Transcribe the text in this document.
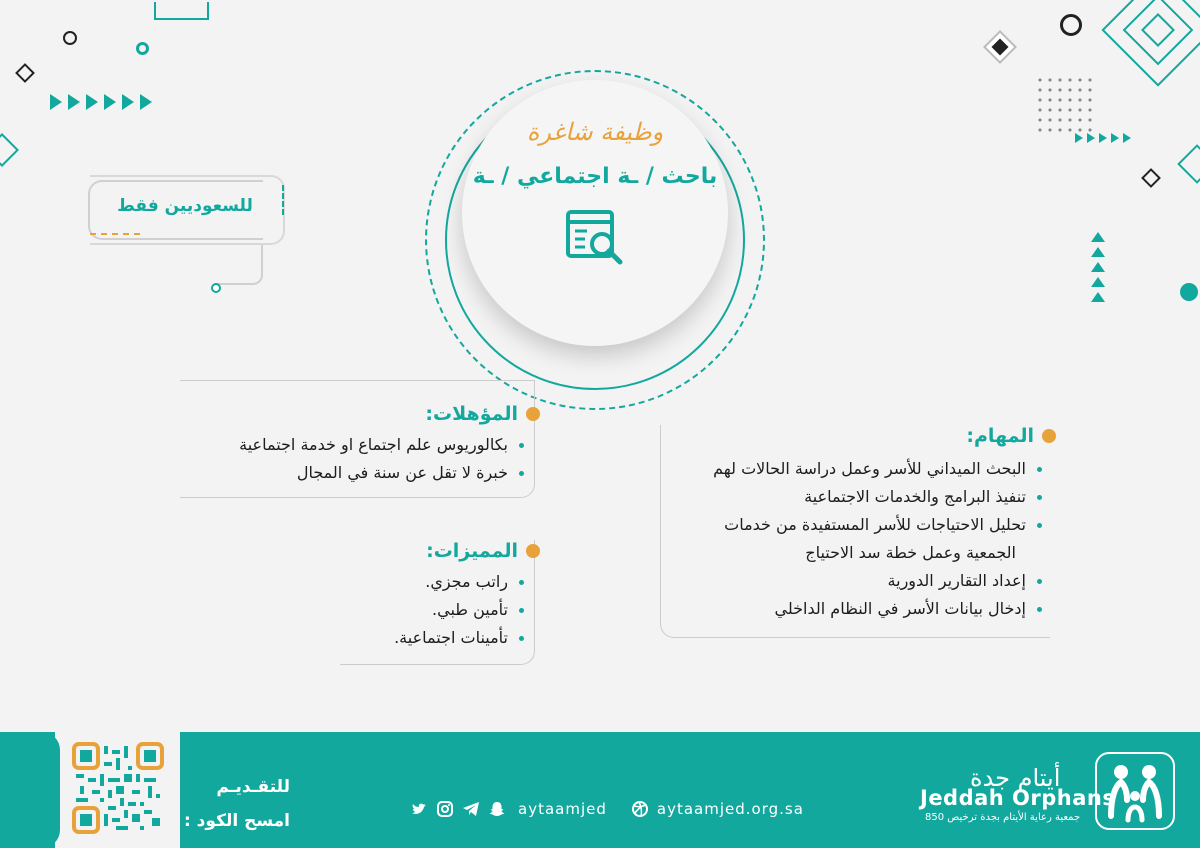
وظيفة شاغرة
باحث / ـة اجتماعي / ـة
للسعوديين فقط
المهام:
البحث الميداني للأسر وعمل دراسة الحالات لهم
تنفيذ البرامج والخدمات الاجتماعية
تحليل الاحتياجات للأسر المستفيدة من خدمات
الجمعية وعمل خطة سد الاحتياج
إعداد التقارير الدورية
إدخال بيانات الأسر في النظام الداخلي
المؤهلات:
بكالوريوس علم اجتماع او خدمة اجتماعية
خبرة لا تقل عن سنة في المجال
المميزات:
راتب مجزي.
تأمين طبي.
تأمينات اجتماعية.
للتقـديـم
امسح الكود :
aytaamjed	aytaamjed.org.sa
أيتام جدة
Jeddah Orphans
جمعية رعاية الأيتام بجدة ترخيص 850
